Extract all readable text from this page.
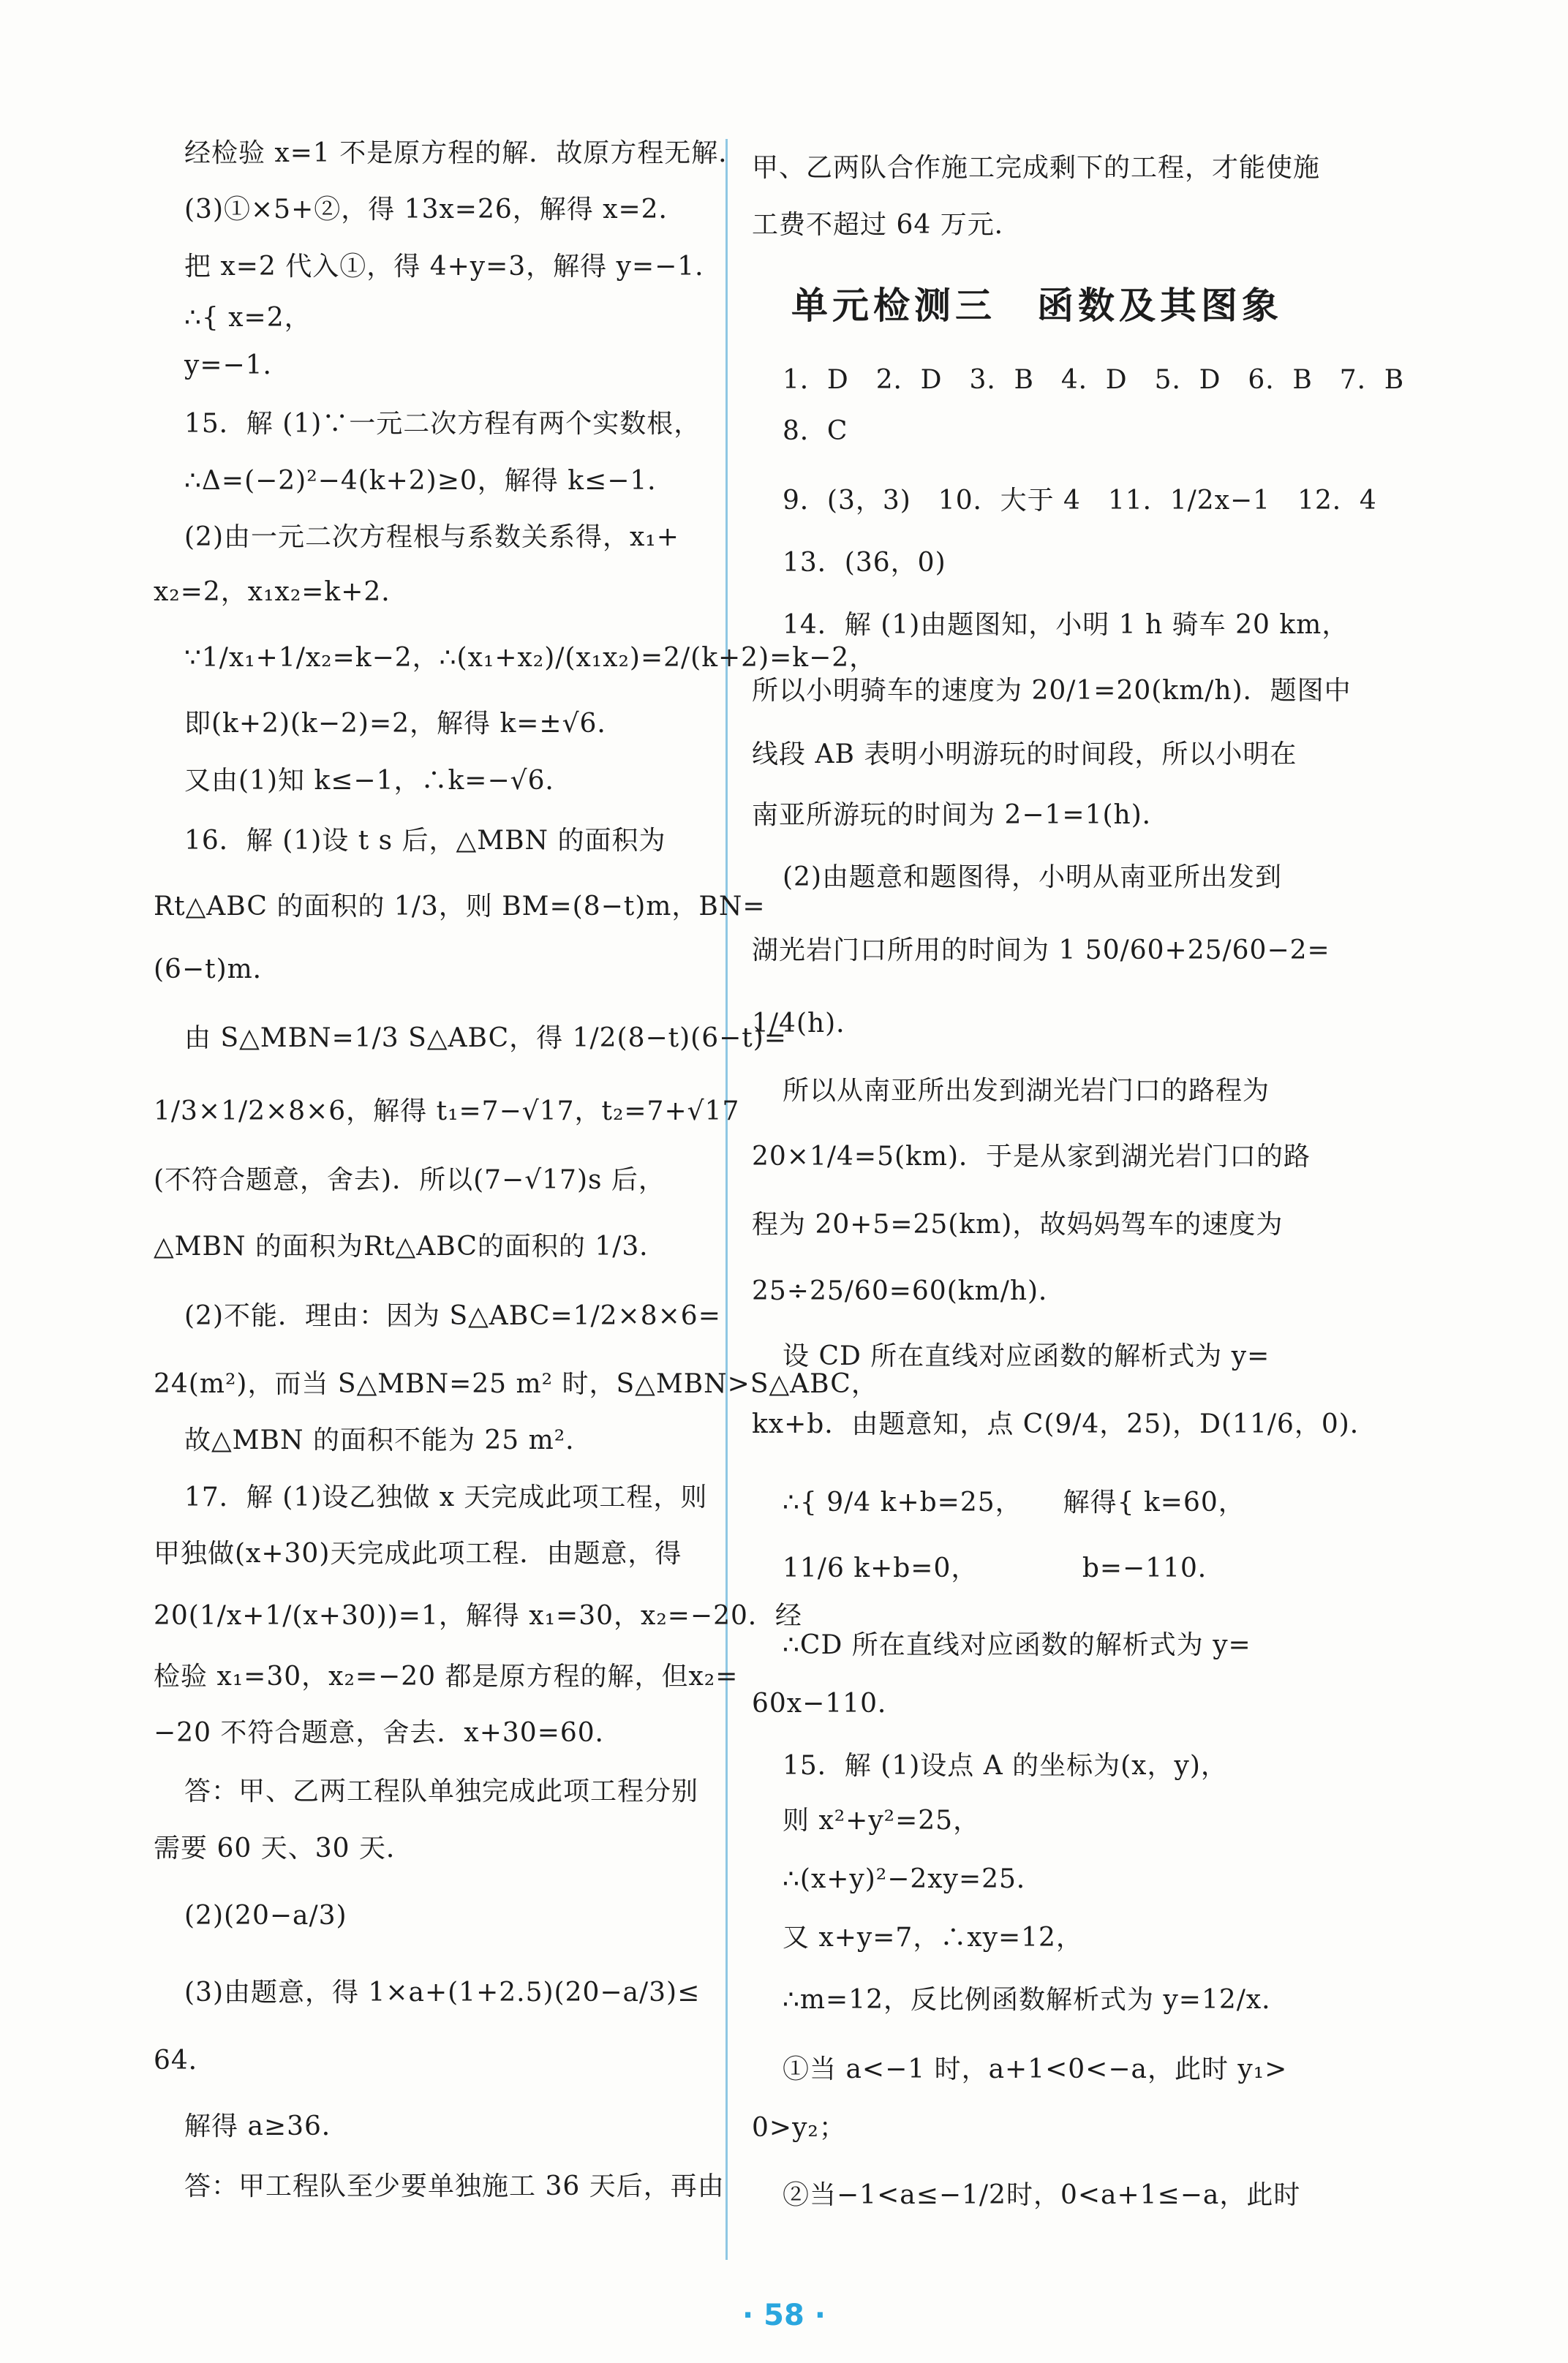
经检验 x=1 不是原方程的解．故原方程无解．
(3)①×5+②，得 13x=26，解得 x=2．
把 x=2 代入①，得 4+y=3，解得 y=−1．
∴{ x=2，
y=−1．
15．解 (1)∵一元二次方程有两个实数根，
∴Δ=(−2)²−4(k+2)≥0，解得 k≤−1．
(2)由一元二次方程根与系数关系得，x₁+
x₂=2，x₁x₂=k+2．
∵1/x₁+1/x₂=k−2，∴(x₁+x₂)/(x₁x₂)=2/(k+2)=k−2，
即(k+2)(k−2)=2，解得 k=±√6．
又由(1)知 k≤−1，∴k=−√6．
16．解 (1)设 t s 后，△MBN 的面积为
Rt△ABC 的面积的 1/3，则 BM=(8−t)m，BN=
(6−t)m．
由 S△MBN=1/3 S△ABC，得 1/2(8−t)(6−t)=
1/3×1/2×8×6，解得 t₁=7−√17，t₂=7+√17
(不符合题意，舍去)．所以(7−√17)s 后，
△MBN 的面积为Rt△ABC的面积的 1/3．
(2)不能．理由：因为 S△ABC=1/2×8×6=
24(m²)，而当 S△MBN=25 m² 时，S△MBN>S△ABC，
故△MBN 的面积不能为 25 m²．
17．解 (1)设乙独做 x 天完成此项工程，则
甲独做(x+30)天完成此项工程．由题意，得
20(1/x+1/(x+30))=1，解得 x₁=30，x₂=−20．经
检验 x₁=30，x₂=−20 都是原方程的解，但x₂=
−20 不符合题意，舍去．x+30=60．
答：甲、乙两工程队单独完成此项工程分别
需要 60 天、30 天．
(2)(20−a/3)
(3)由题意，得 1×a+(1+2.5)(20−a/3)≤
64．
解得 a≥36．
答：甲工程队至少要单独施工 36 天后，再由
甲、乙两队合作施工完成剩下的工程，才能使施
工费不超过 64 万元．
单元检测三　函数及其图象
1．D　2．D　3．B　4．D　5．D　6．B　7．B
8．C
9．(3，3)　10．大于 4　11．1/2x−1　12．4
13．(36，0)
14．解 (1)由题图知，小明 1 h 骑车 20 km，
所以小明骑车的速度为 20/1=20(km/h)．题图中
线段 AB 表明小明游玩的时间段，所以小明在
南亚所游玩的时间为 2−1=1(h)．
(2)由题意和题图得，小明从南亚所出发到
湖光岩门口所用的时间为 1 50/60+25/60−2=
1/4(h)．
所以从南亚所出发到湖光岩门口的路程为
20×1/4=5(km)．于是从家到湖光岩门口的路
程为 20+5=25(km)，故妈妈驾车的速度为
25÷25/60=60(km/h)．
设 CD 所在直线对应函数的解析式为 y=
kx+b．由题意知，点 C(9/4，25)，D(11/6，0)．
∴{ 9/4 k+b=25，　　解得{ k=60，
11/6 k+b=0，　　　　 b=−110．
∴CD 所在直线对应函数的解析式为 y=
60x−110．
15．解 (1)设点 A 的坐标为(x，y)，
则 x²+y²=25，
∴(x+y)²−2xy=25．
又 x+y=7，∴xy=12，
∴m=12，反比例函数解析式为 y=12/x．
①当 a<−1 时，a+1<0<−a，此时 y₁>
0>y₂；
②当−1<a≤−1/2时，0<a+1≤−a，此时
· 58 ·
